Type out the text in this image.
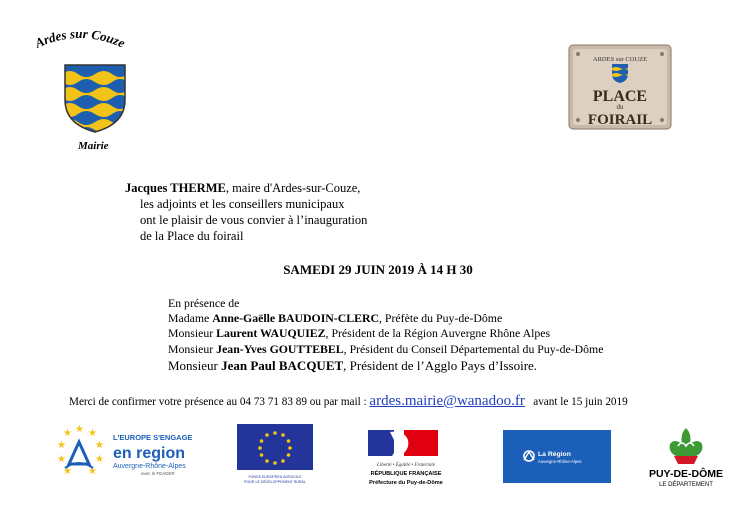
Ardes sur Couze
Mairie
ARDES sur COUZE
PLACE
du
FOIRAIL
Jacques THERME, maire d'Ardes-sur-Couze,
les adjoints et les conseillers municipaux
ont le plaisir de vous convier à l’inauguration
de la Place du foirail
SAMEDI 29 JUIN 2019 À 14 H 30
En présence de
Madame Anne-Gaëlle BAUDOIN-CLERC, Préfète du Puy-de-Dôme
Monsieur Laurent WAUQUIEZ, Président de la Région Auvergne Rhône Alpes
Monsieur Jean-Yves GOUTTEBEL, Président du Conseil Départemental du Puy-de-Dôme
Monsieur Jean Paul BACQUET, Président de l’Agglo Pays d’Issoire.
Merci de confirmer votre présence au 04 73 71 83 89 ou par mail : ardes.mairie@wanadoo.fr   avant le 15 juin 2019
★ ★ ★
★	★
★	★
★ ★
L'EUROPE S'ENGAGE
en region
Auvergne-Rhône-Alpes
avec le FEADER
FONDS EUROPÉEN AGRICOLE
POUR LE DÉVELOPPEMENT RURAL
Liberté • Égalité • Fraternité
RÉPUBLIQUE FRANÇAISE
Préfecture du Puy-de-Dôme
La Région
Auvergne-Rhône-Alpes
PUY-DE-DÔME
LE DÉPARTEMENT
